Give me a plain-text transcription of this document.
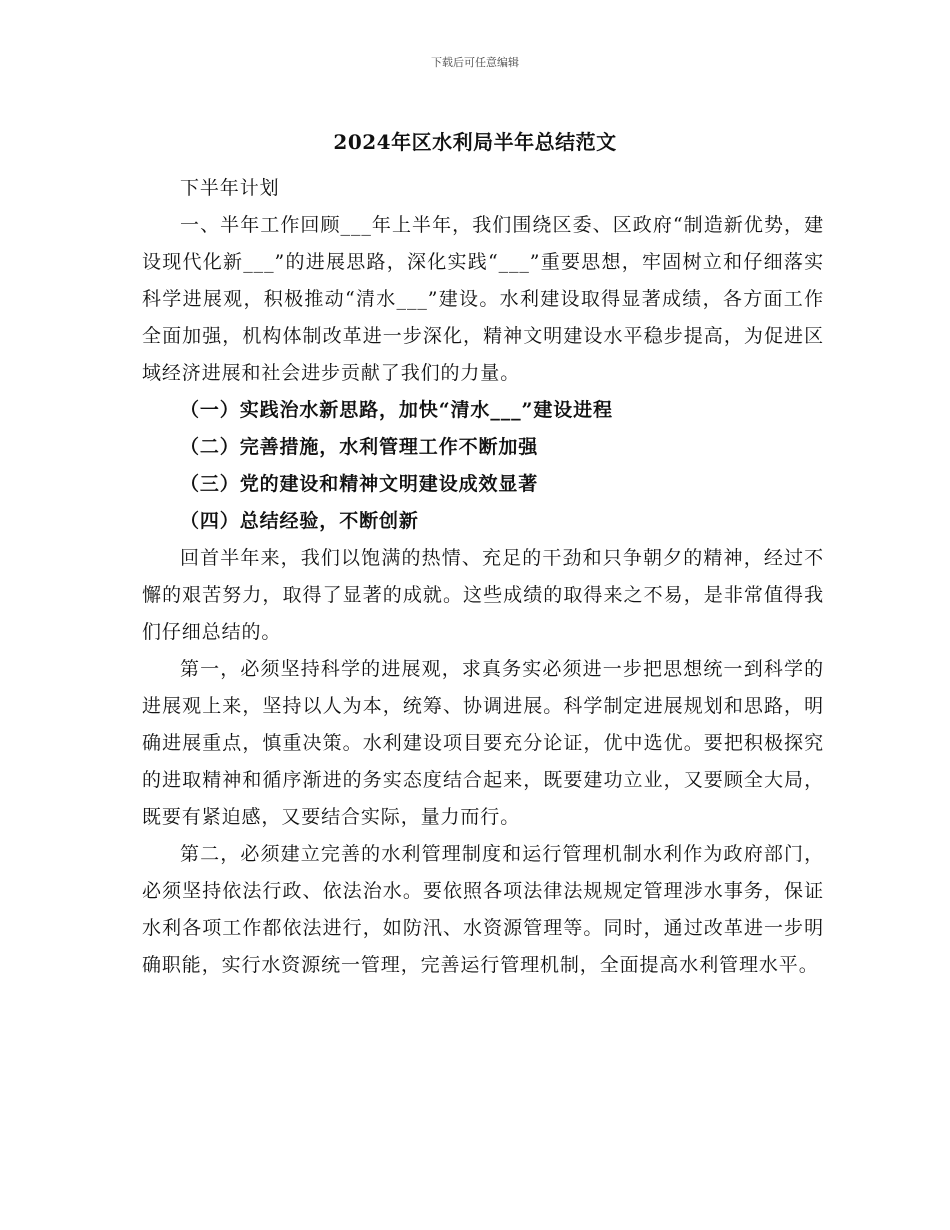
下载后可任意编辑
2024年区水利局半年总结范文

下半年计划

一、半年工作回顾___年上半年，我们围绕区委、区政府“制造新优势，建设现代化新___”的进展思路，深化实践“___”重要思想，牢固树立和仔细落实科学进展观，积极推动“清水___”建设。水利建设取得显著成绩，各方面工作全面加强，机构体制改革进一步深化，精神文明建设水平稳步提高，为促进区域经济进展和社会进步贡献了我们的力量。

（一）实践治水新思路，加快“清水___”建设进程

（二）完善措施，水利管理工作不断加强

（三）党的建设和精神文明建设成效显著

（四）总结经验，不断创新

回首半年来，我们以饱满的热情、充足的干劲和只争朝夕的精神，经过不懈的艰苦努力，取得了显著的成就。这些成绩的取得来之不易，是非常值得我们仔细总结的。

第一，必须坚持科学的进展观，求真务实必须进一步把思想统一到科学的进展观上来，坚持以人为本，统筹、协调进展。科学制定进展规划和思路，明确进展重点，慎重决策。水利建设项目要充分论证，优中选优。要把积极探究的进取精神和循序渐进的务实态度结合起来，既要建功立业，又要顾全大局，既要有紧迫感，又要结合实际，量力而行。

第二，必须建立完善的水利管理制度和运行管理机制水利作为政府部门，必须坚持依法行政、依法治水。要依照各项法律法规规定管理涉水事务，保证水利各项工作都依法进行，如防汛、水资源管理等。同时，通过改革进一步明确职能，实行水资源统一管理，完善运行管理机制，全面提高水利管理水平。
